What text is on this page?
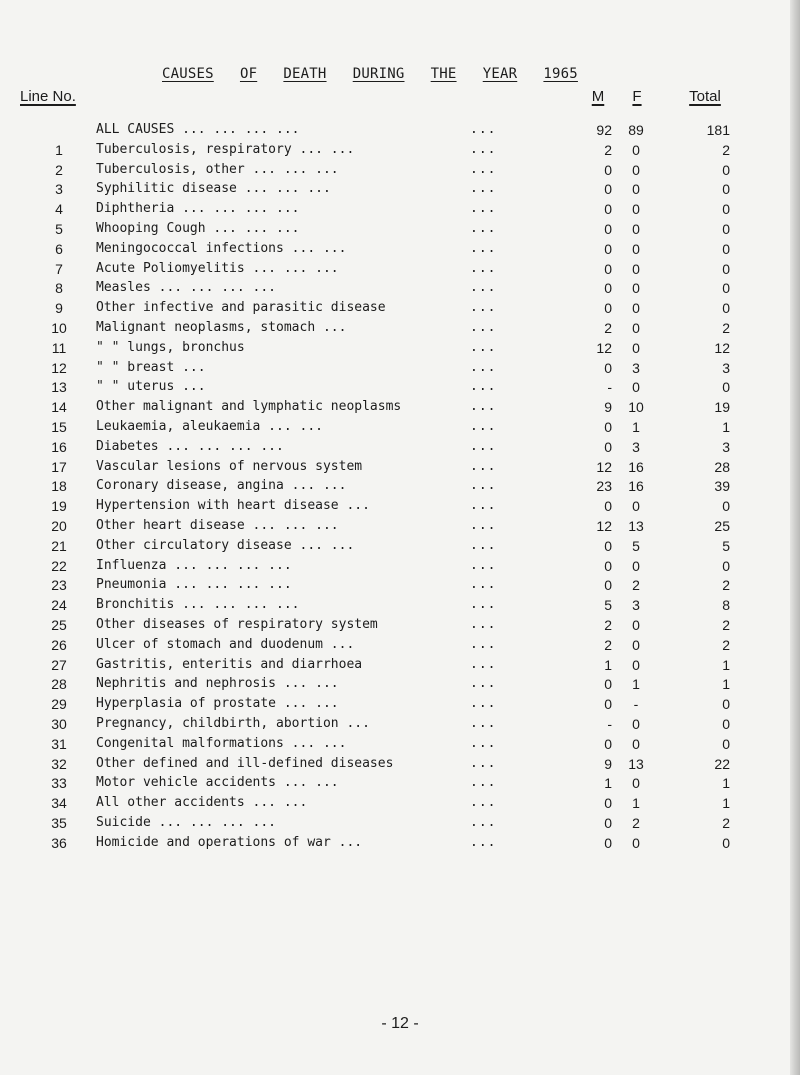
CAUSES OF DEATH DURING THE YEAR 1965
Line No.	M	F	Total
ALL CAUSES ... ... ... ...	...	92	89	181
1	Tuberculosis, respiratory ... ...	...	2	0	2
2	Tuberculosis, other ... ... ...	...	0	0	0
3	Syphilitic disease ... ... ...	...	0	0	0
4	Diphtheria ... ... ... ...	...	0	0	0
5	Whooping Cough ... ... ...	...	0	0	0
6	Meningococcal infections ... ...	...	0	0	0
7	Acute Poliomyelitis ... ... ...	...	0	0	0
8	Measles ... ... ... ...	...	0	0	0
9	Other infective and parasitic disease	...	0	0	0
10	Malignant neoplasms, stomach ...	...	2	0	2
11	" " lungs, bronchus	...	12	0	12
12	" " breast ...	...	0	3	3
13	" " uterus ...	...	-	0	0
14	Other malignant and lymphatic neoplasms	...	9	10	19
15	Leukaemia, aleukaemia ... ...	...	0	1	1
16	Diabetes ... ... ... ...	...	0	3	3
17	Vascular lesions of nervous system	...	12	16	28
18	Coronary disease, angina ... ...	...	23	16	39
19	Hypertension with heart disease ...	...	0	0	0
20	Other heart disease ... ... ...	...	12	13	25
21	Other circulatory disease ... ...	...	0	5	5
22	Influenza ... ... ... ...	...	0	0	0
23	Pneumonia ... ... ... ...	...	0	2	2
24	Bronchitis ... ... ... ...	...	5	3	8
25	Other diseases of respiratory system	...	2	0	2
26	Ulcer of stomach and duodenum ...	...	2	0	2
27	Gastritis, enteritis and diarrhoea	...	1	0	1
28	Nephritis and nephrosis ... ...	...	0	1	1
29	Hyperplasia of prostate ... ...	...	0	-	0
30	Pregnancy, childbirth, abortion ...	...	-	0	0
31	Congenital malformations ... ...	...	0	0	0
32	Other defined and ill-defined diseases	...	9	13	22
33	Motor vehicle accidents ... ...	...	1	0	1
34	All other accidents ... ...	...	0	1	1
35	Suicide ... ... ... ...	...	0	2	2
36	Homicide and operations of war ...	...	0	0	0
- 12 -
